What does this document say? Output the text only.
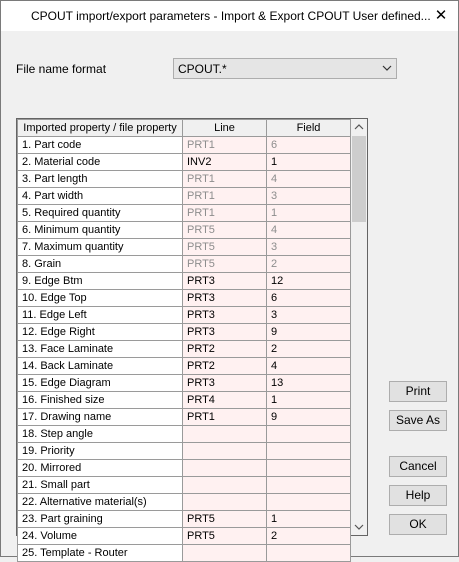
CPOUT import/export parameters - Import & Export CPOUT User defined... ✕
File name format	CPOUT.*
Imported property / file property	Line	Field
1. Part code	PRT1	6
2. Material code	INV2	1
3. Part length	PRT1	4
4. Part width	PRT1	3
5. Required quantity	PRT1	1
6. Minimum quantity	PRT5	4
7. Maximum quantity	PRT5	3
8. Grain	PRT5	2
9. Edge Btm	PRT3	12
10. Edge Top	PRT3	6
11. Edge Left	PRT3	3
12. Edge Right	PRT3	9
13. Face Laminate	PRT2	2
14. Back Laminate	PRT2	4
15. Edge Diagram	PRT3	13
16. Finished size	PRT4	1
17. Drawing name	PRT1	9
18. Step angle		
19. Priority		
20. Mirrored		
21. Small part		
22. Alternative material(s)		
23. Part graining	PRT5	1
24. Volume	PRT5	2
25. Template - Router		
Print
Save As
Cancel
Help
OK
